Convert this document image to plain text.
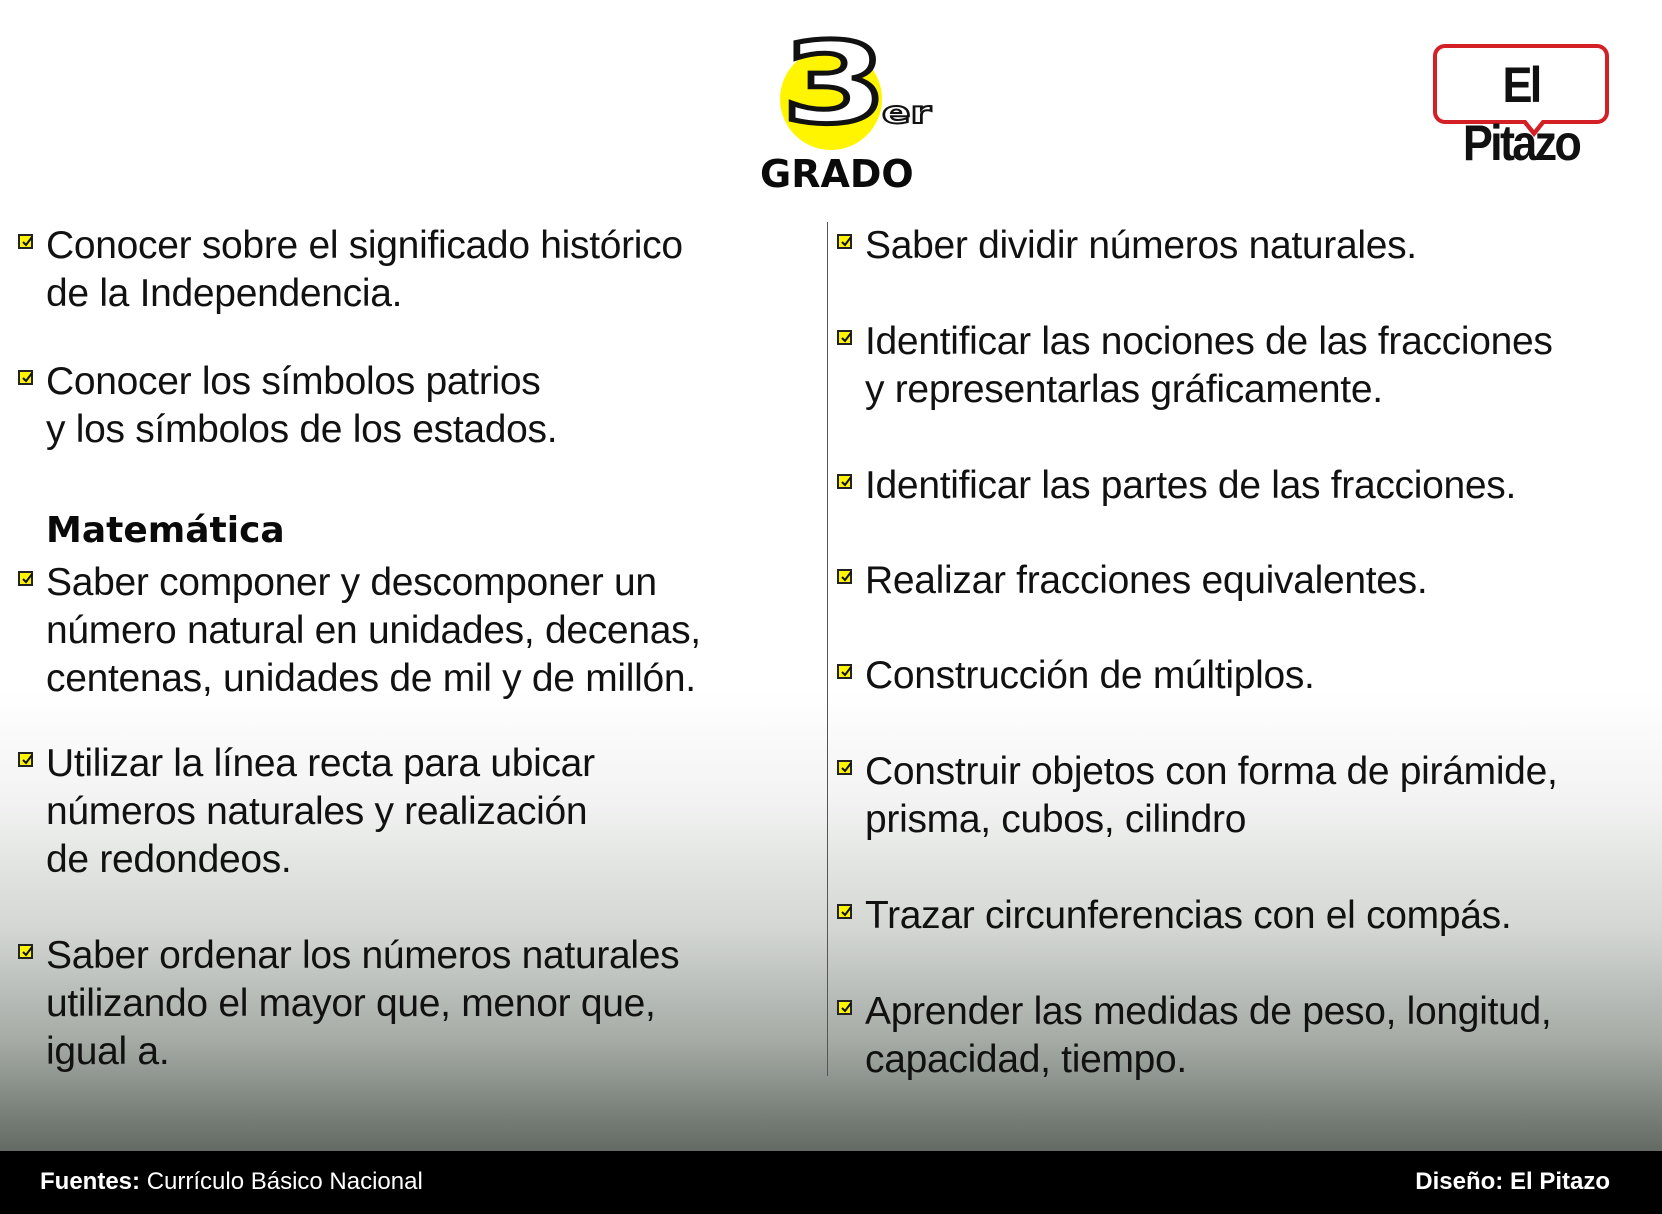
3
er
GRADO
El Pitazo
Conocer sobre el significado histórico
de la Independencia.
Conocer los símbolos patrios
y los símbolos de los estados.
Matemática
Saber componer y descomponer un
número natural en unidades, decenas,
centenas, unidades de mil y de millón.
Utilizar la línea recta para ubicar
números naturales y realización
de redondeos.
Saber ordenar los números naturales
utilizando el mayor que, menor que,
igual a.
Saber dividir números naturales.
Identificar las nociones de las fracciones
y representarlas gráficamente.
Identificar las partes de las fracciones.
Realizar fracciones equivalentes.
Construcción de múltiplos.
Construir objetos con forma de pirámide,
prisma, cubos, cilindro
Trazar circunferencias con el compás.
Aprender las medidas de peso, longitud,
capacidad, tiempo.
Fuentes: Currículo Básico Nacional	Diseño: El Pitazo
